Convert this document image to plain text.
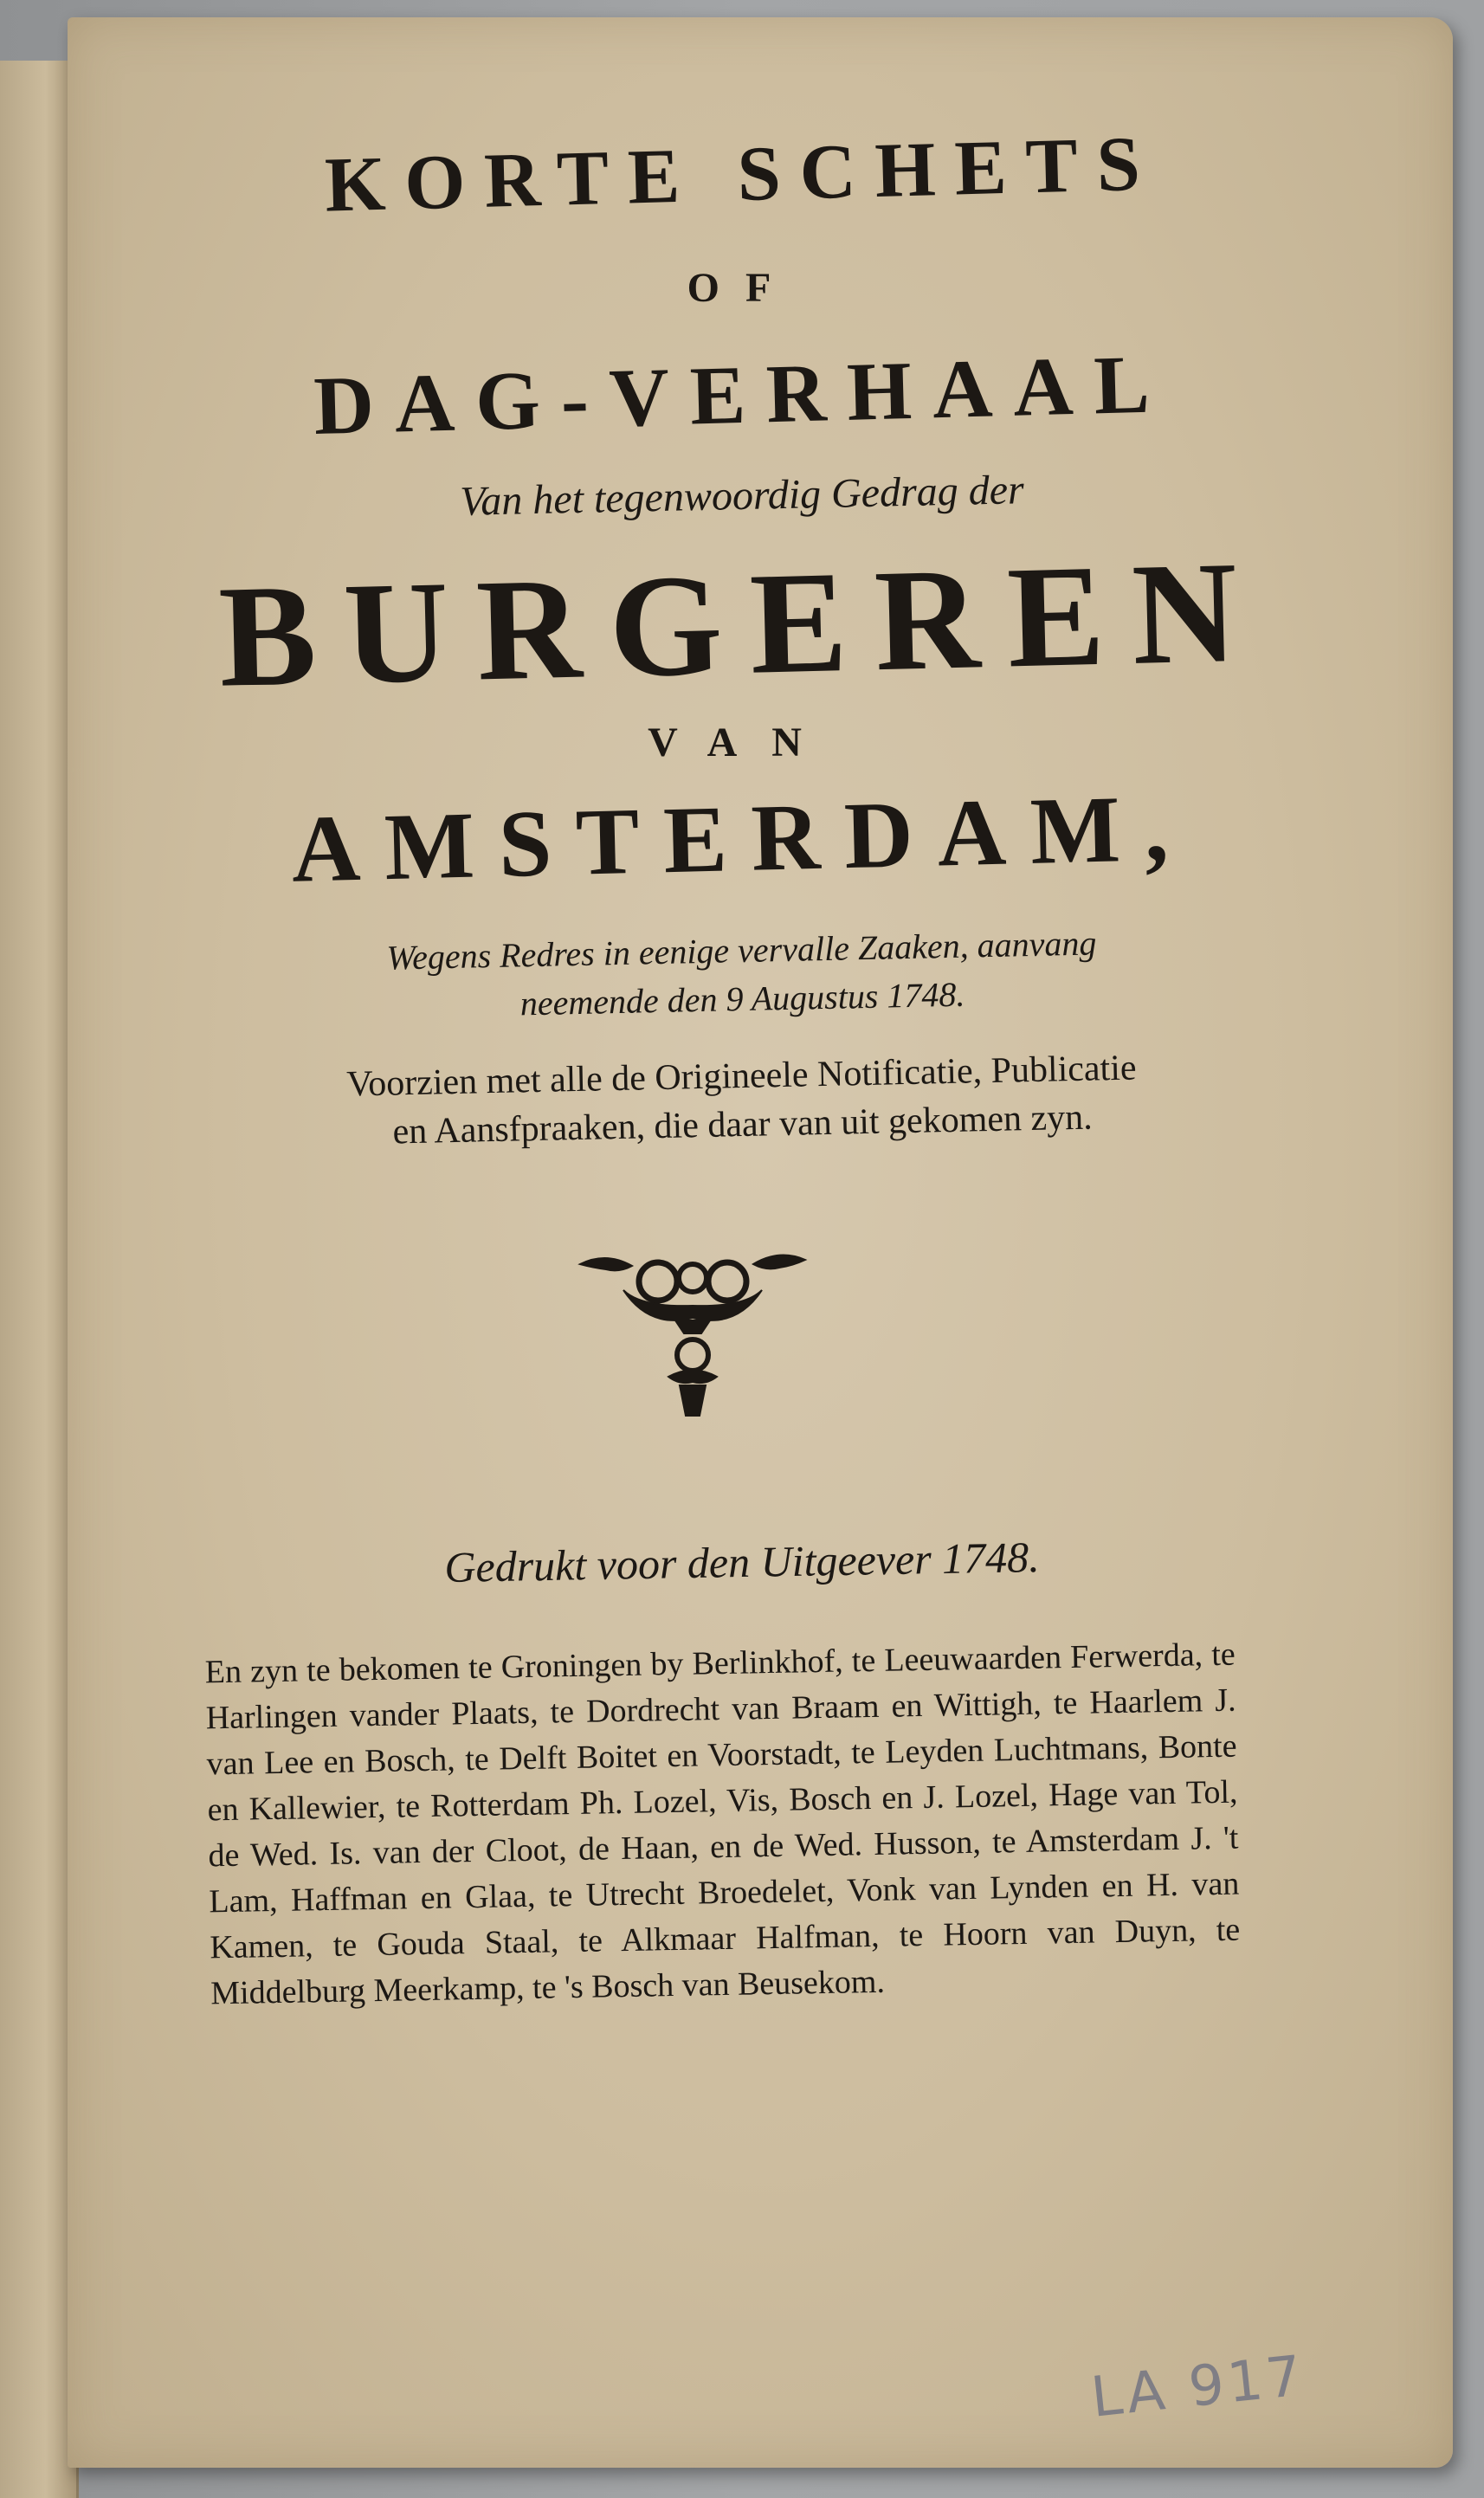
KORTE SCHETS
OF
DAG-VERHAAL
Van het tegenwoordig Gedrag der
BURGEREN
VAN
AMSTERDAM,
Wegens Redres in eenige vervalle Zaaken, aanvang
neemende den 9 Augustus 1748.
Voorzien met alle de Origineele Notificatie, Publicatie
en Aansfpraaken, die daar van uit gekomen zyn.
Gedrukt voor den Uitgeever 1748.
En zyn te bekomen te Groningen by Berlinkhof, te Leeuwaarden Ferwerda, te Harlingen vander Plaats, te Dordrecht van Braam en Wittigh, te Haarlem J. van Lee en Bosch, te Delft Boitet en Voorstadt, te Leyden Luchtmans, Bonte en Kallewier, te Rotterdam Ph. Lozel, Vis, Bosch en J. Lozel, Hage van Tol, de Wed. Is. van der Cloot, de Haan, en de Wed. Husson, te Amsterdam J. 't Lam, Haffman en Glaa, te Utrecht Broedelet, Vonk van Lynden en H. van Kamen, te Gouda Staal, te Alkmaar Halfman, te Hoorn van Duyn, te Middelburg Meerkamp, te 's Bosch van Beusekom.
LA 917
